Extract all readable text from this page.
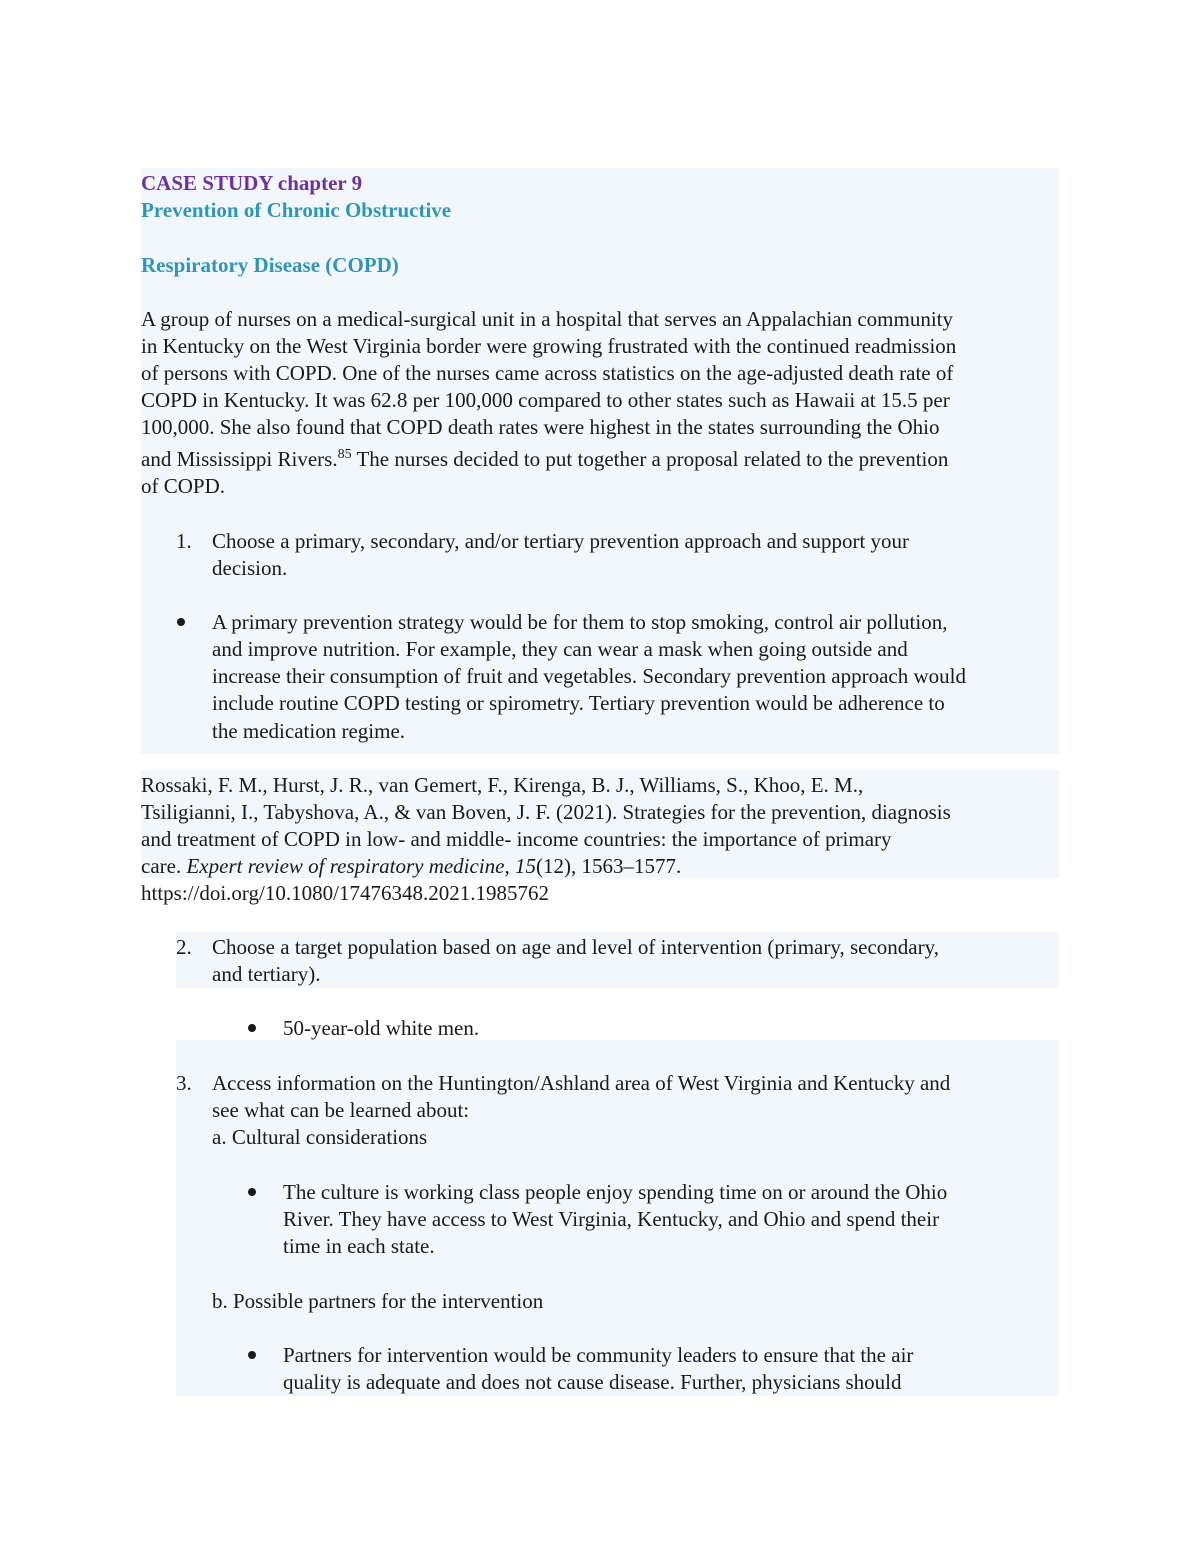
CASE STUDY chapter 9
Prevention of Chronic Obstructive
Respiratory Disease (COPD)
A group of nurses on a medical-surgical unit in a hospital that serves an Appalachian community
in Kentucky on the West Virginia border were growing frustrated with the continued readmission
of persons with COPD. One of the nurses came across statistics on the age-adjusted death rate of
COPD in Kentucky. It was 62.8 per 100,000 compared to other states such as Hawaii at 15.5 per
100,000. She also found that COPD death rates were highest in the states surrounding the Ohio
and Mississippi Rivers.$^{85}$ The nurses decided to put together a proposal related to the prevention
of COPD.
1. Choose a primary, secondary, and/or tertiary prevention approach and support your
decision.
A primary prevention strategy would be for them to stop smoking, control air pollution,
and improve nutrition. For example, they can wear a mask when going outside and
increase their consumption of fruit and vegetables. Secondary prevention approach would
include routine COPD testing or spirometry. Tertiary prevention would be adherence to
the medication regime.
Rossaki, F. M., Hurst, J. R., van Gemert, F., Kirenga, B. J., Williams, S., Khoo, E. M.,
Tsiligianni, I., Tabyshova, A., & van Boven, J. F. (2021). Strategies for the prevention, diagnosis
and treatment of COPD in low- and middle- income countries: the importance of primary
care. Expert review of respiratory medicine, 15(12), 1563–1577.
https://doi.org/10.1080/17476348.2021.1985762
2. Choose a target population based on age and level of intervention (primary, secondary,
and tertiary).
50-year-old white men.
3. Access information on the Huntington/Ashland area of West Virginia and Kentucky and
see what can be learned about:
a. Cultural considerations
The culture is working class people enjoy spending time on or around the Ohio
River. They have access to West Virginia, Kentucky, and Ohio and spend their
time in each state.
b. Possible partners for the intervention
Partners for intervention would be community leaders to ensure that the air
quality is adequate and does not cause disease. Further, physicians should
